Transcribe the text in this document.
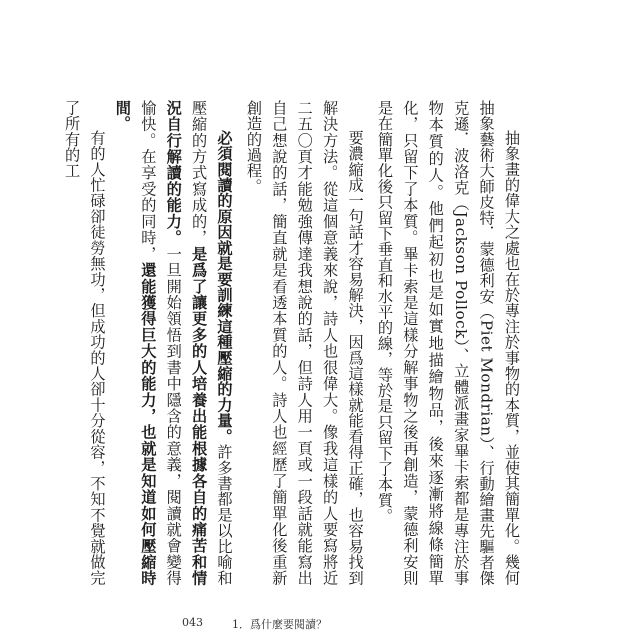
抽象畫的偉大之處也在於專注於事物的本質，並使其簡單化。幾何抽象藝術大師皮特．蒙德利安（Piet Mondrian）、行動繪畫先驅者傑克遜．波洛克（Jackson Pollock）、立體派畫家畢卡索都是專注於事物本質的人。他們起初也是如實地描繪物品，後來逐漸將線條簡單化，只留下了本質。畢卡索是這樣分解事物之後再創造，蒙德利安則是在簡單化後只留下垂直和水平的線，等於是只留下了本質。

要濃縮成一句話才容易解決，因爲這樣就能看得正確，也容易找到解決方法。從這個意義來說，詩人也很偉大。像我這樣的人要寫將近二五〇頁才能勉強傳達我想說的話，但詩人用一頁或一段話就能寫出自己想說的話，簡直就是看透本質的人。詩人也經歷了簡單化後重新創造的過程。

必須閱讀的原因就是要訓練這種壓縮的力量。許多書都是以比喻和壓縮的方式寫成的，是爲了讓更多的人培養出能根據各自的痛苦和情況自行解讀的能力。一旦開始領悟到書中隱含的意義，閱讀就會變得愉快。在享受的同時，還能獲得巨大的能力，也就是知道如何壓縮時間。

有的人忙碌卻徒勞無功，但成功的人卻十分從容，不知不覺就做完了所有的工

043	1．爲什麼要閱讀？
